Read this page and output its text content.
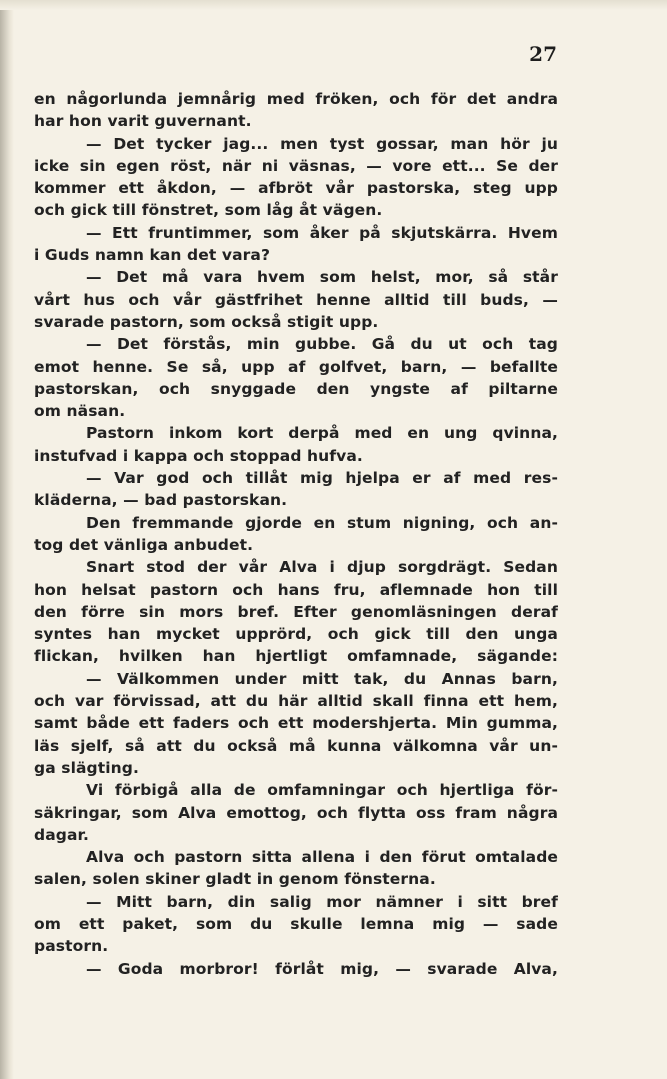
27
en någorlunda jemnårig med fröken, och för det andra
har hon varit guvernant.
— Det tycker jag... men tyst gossar, man hör ju
icke sin egen röst, när ni väsnas, — vore ett... Se der
kommer ett åkdon, — afbröt vår pastorska, steg upp
och gick till fönstret, som låg åt vägen.
— Ett fruntimmer, som åker på skjutskärra. Hvem
i Guds namn kan det vara?
— Det må vara hvem som helst, mor, så står
vårt hus och vår gästfrihet henne alltid till buds, —
svarade pastorn, som också stigit upp.
— Det förstås, min gubbe. Gå du ut och tag
emot henne. Se så, upp af golfvet, barn, — befallte
pastorskan, och snyggade den yngste af piltarne
om näsan.
Pastorn inkom kort derpå med en ung qvinna,
instufvad i kappa och stoppad hufva.
— Var god och tillåt mig hjelpa er af med res-
kläderna, — bad pastorskan.
Den fremmande gjorde en stum nigning, och an-
tog det vänliga anbudet.
Snart stod der vår Alva i djup sorgdrägt. Sedan
hon helsat pastorn och hans fru, aflemnade hon till
den förre sin mors bref. Efter genomläsningen deraf
syntes han mycket upprörd, och gick till den unga
flickan, hvilken han hjertligt omfamnade, sägande:
— Välkommen under mitt tak, du Annas barn,
och var förvissad, att du här alltid skall finna ett hem,
samt både ett faders och ett modershjerta. Min gumma,
läs sjelf, så att du också må kunna välkomna vår un-
ga slägting.
Vi förbigå alla de omfamningar och hjertliga för-
säkringar, som Alva emottog, och flytta oss fram några
dagar.
Alva och pastorn sitta allena i den förut omtalade
salen, solen skiner gladt in genom fönsterna.
— Mitt barn, din salig mor nämner i sitt bref
om ett paket, som du skulle lemna mig — sade
pastorn.
— Goda morbror! förlåt mig, — svarade Alva,
